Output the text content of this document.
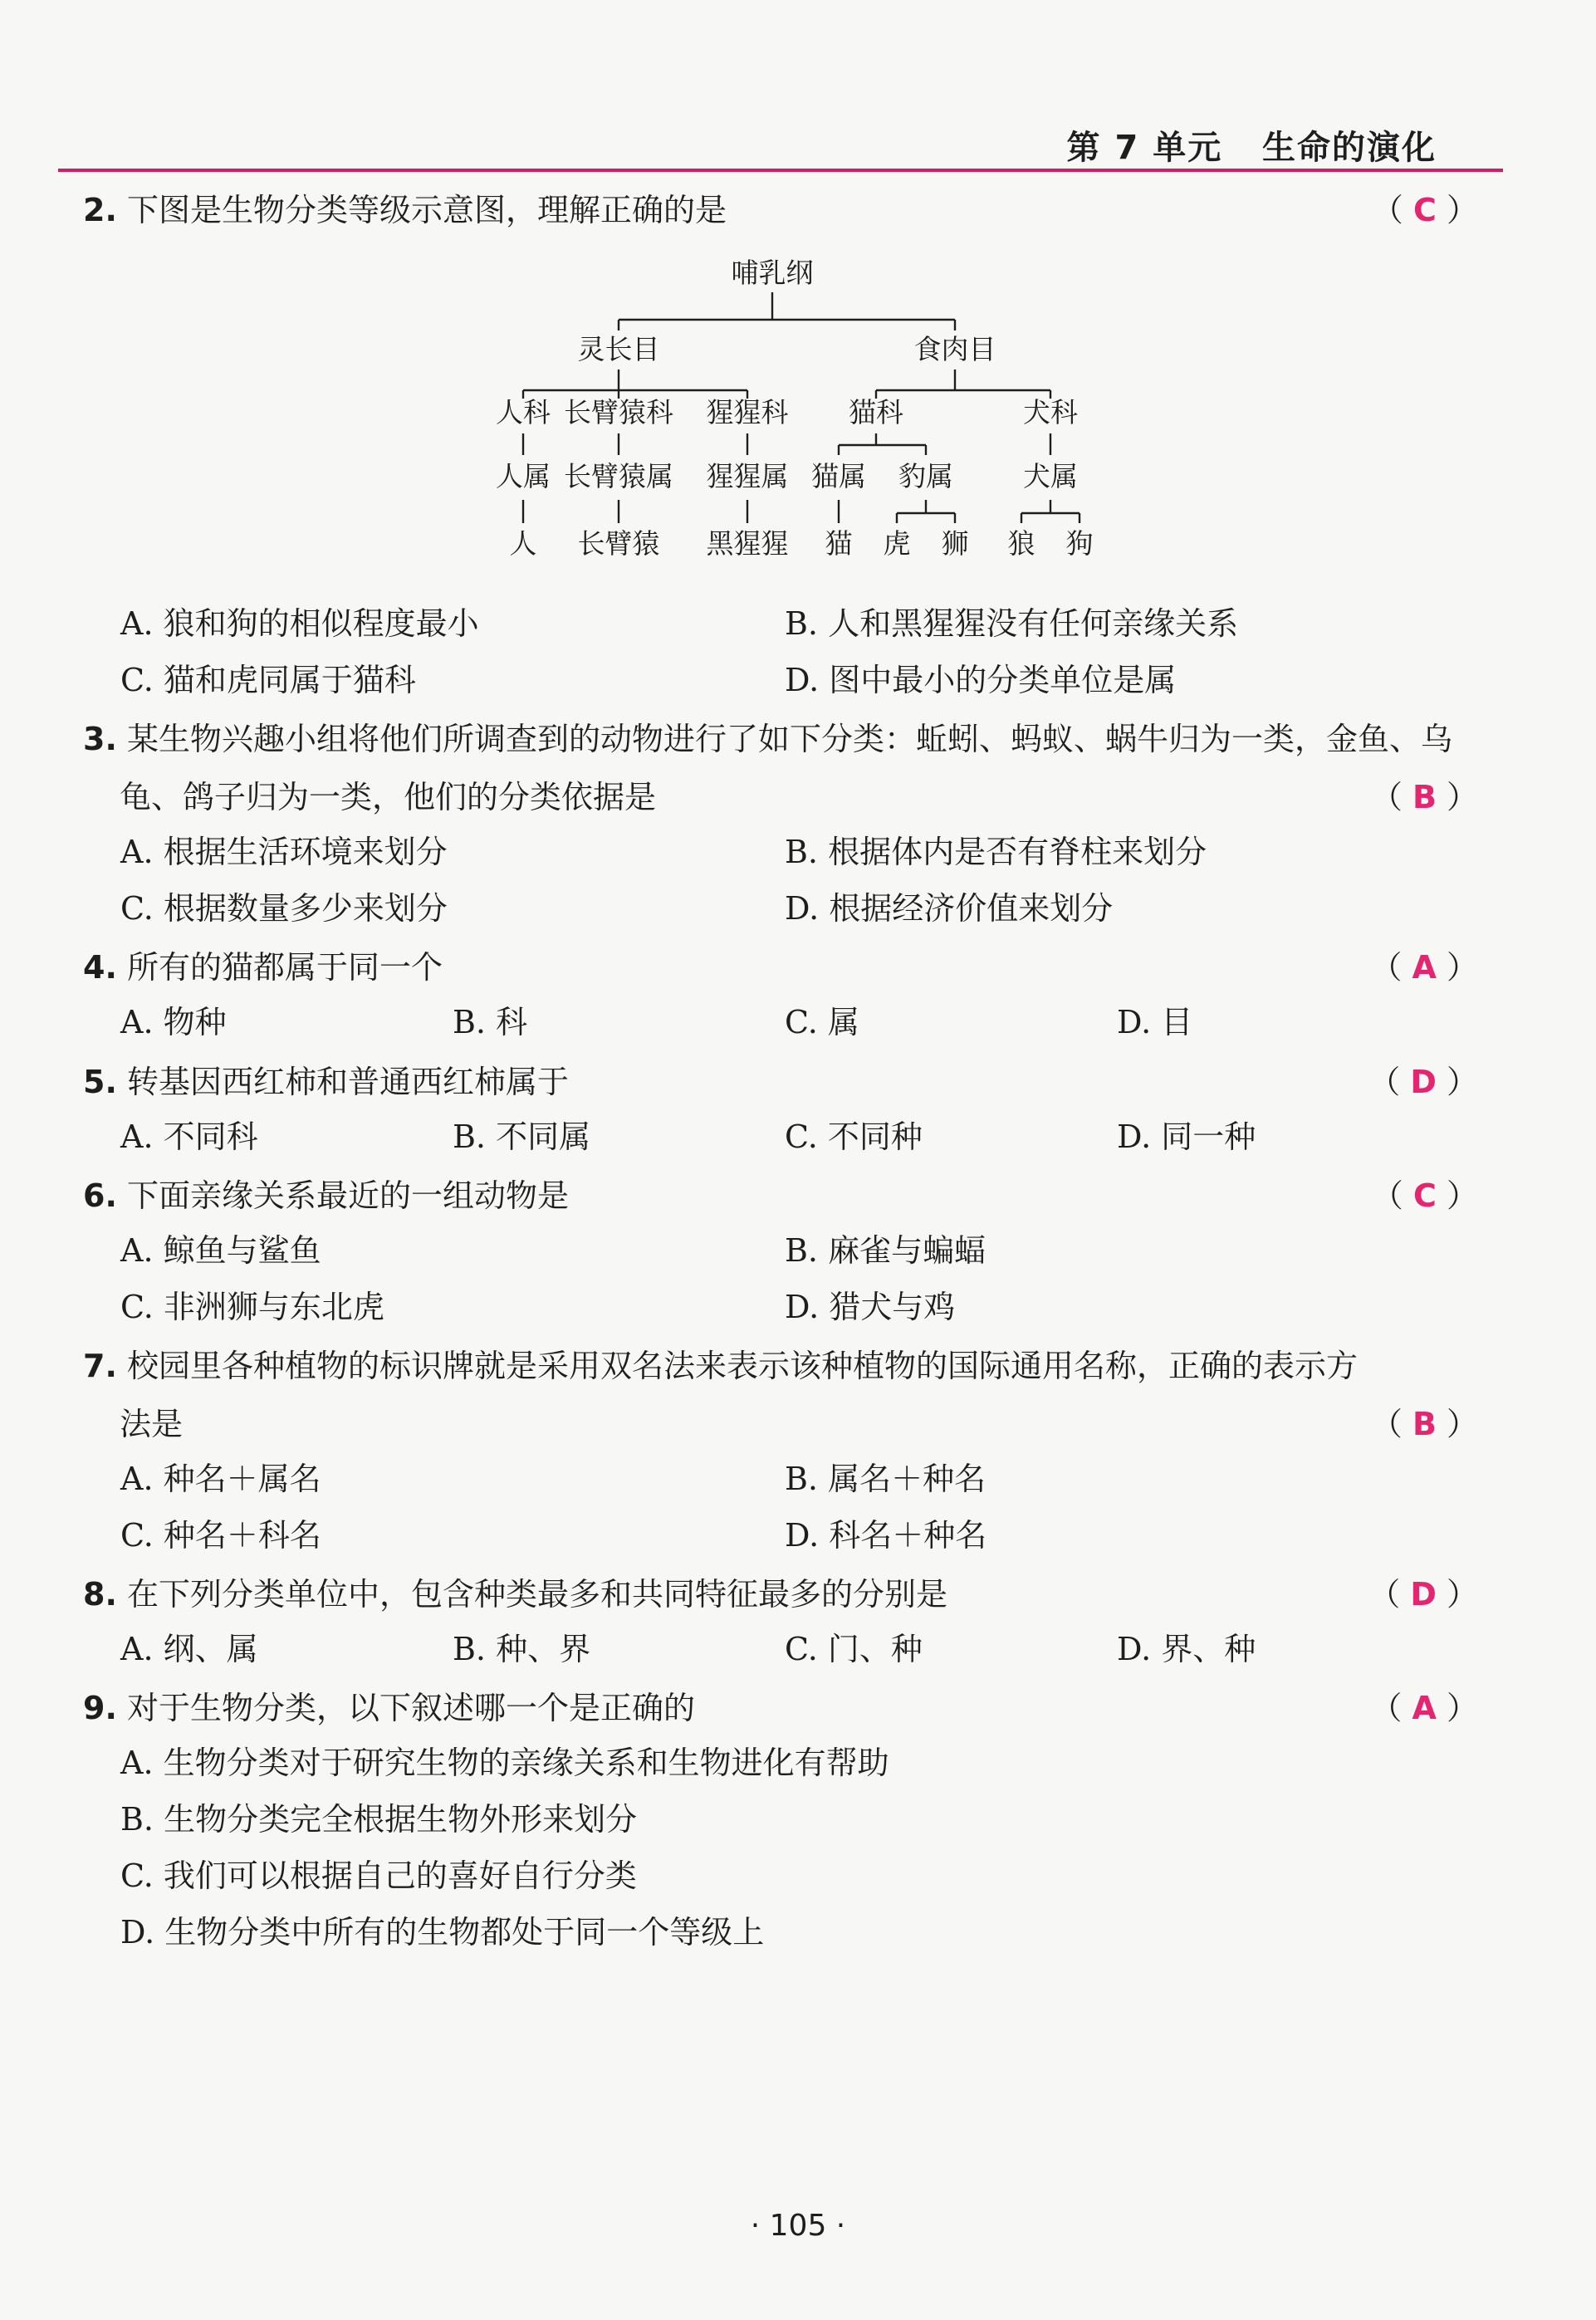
第 7 单元   生命的演化
2. 下图是生物分类等级示意图，理解正确的是	（ C ）
哺乳纲
灵长目	食肉目
人科 长臂猿科 猩猩科 猫科	犬科
人属 长臂猿属 猩猩属 猫属 豹属	犬属
人 长臂猿 黑猩猩 猫 虎 狮 狼 狗
A. 狼和狗的相似程度最小	B. 人和黑猩猩没有任何亲缘关系
C. 猫和虎同属于猫科	D. 图中最小的分类单位是属
3. 某生物兴趣小组将他们所调查到的动物进行了如下分类：蚯蚓、蚂蚁、蜗牛归为一类，金鱼、乌
龟、鸽子归为一类，他们的分类依据是	（ B ）
A. 根据生活环境来划分	B. 根据体内是否有脊柱来划分
C. 根据数量多少来划分	D. 根据经济价值来划分
4. 所有的猫都属于同一个	（ A ）
A. 物种	B. 科	C. 属	D. 目
5. 转基因西红柿和普通西红柿属于	（ D ）
A. 不同科	B. 不同属	C. 不同种	D. 同一种
6. 下面亲缘关系最近的一组动物是	（ C ）
A. 鲸鱼与鲨鱼	B. 麻雀与蝙蝠
C. 非洲狮与东北虎	D. 猎犬与鸡
7. 校园里各种植物的标识牌就是采用双名法来表示该种植物的国际通用名称，正确的表示方
法是	（ B ）
A. 种名＋属名	B. 属名＋种名
C. 种名＋科名	D. 科名＋种名
8. 在下列分类单位中，包含种类最多和共同特征最多的分别是	（ D ）
A. 纲、属	B. 种、界	C. 门、种	D. 界、种
9. 对于生物分类，以下叙述哪一个是正确的	（ A ）
A. 生物分类对于研究生物的亲缘关系和生物进化有帮助
B. 生物分类完全根据生物外形来划分
C. 我们可以根据自己的喜好自行分类
D. 生物分类中所有的生物都处于同一个等级上
· 105 ·
